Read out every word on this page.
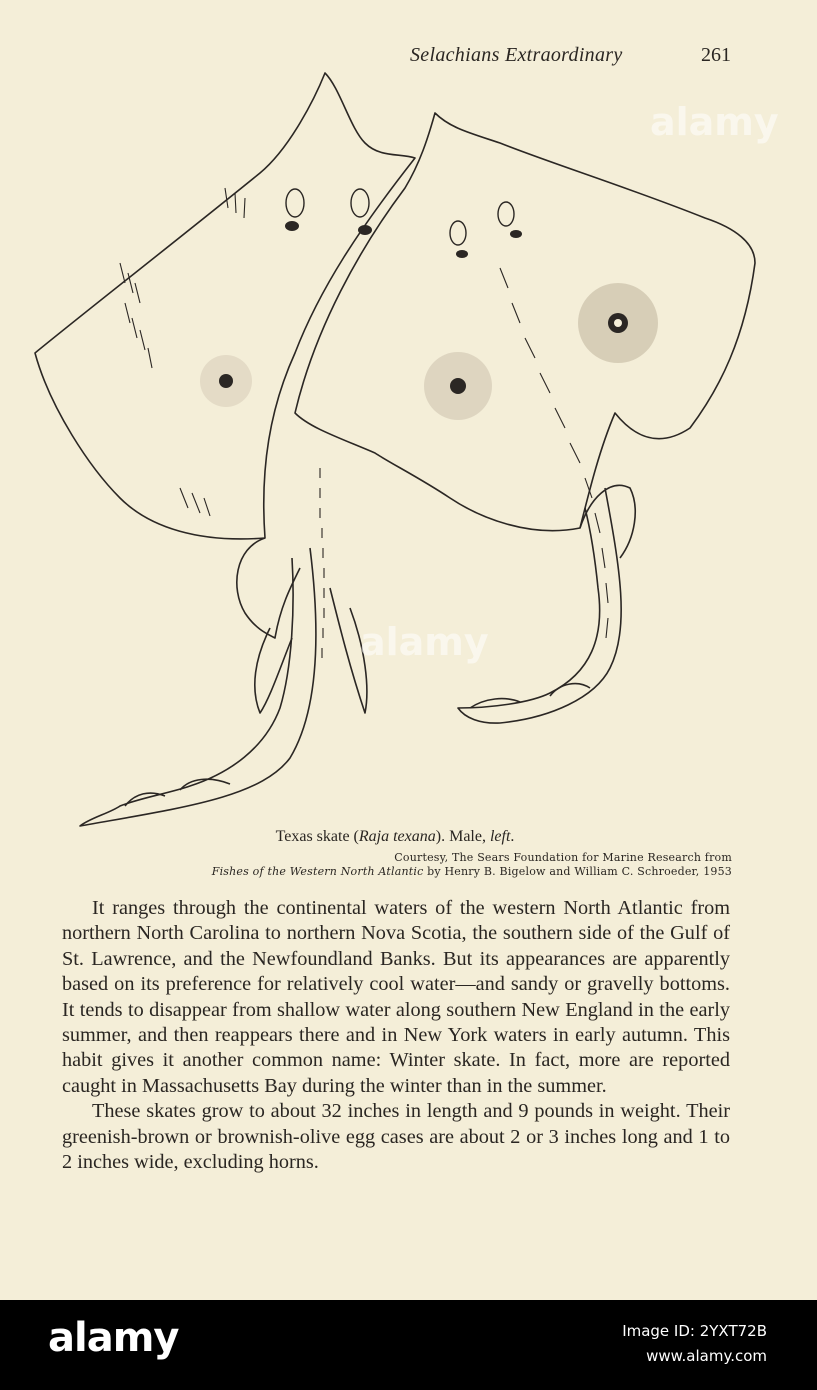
Selachians Extraordinary	261
Texas skate (Raja texana). Male, left.
Courtesy, The Sears Foundation for Marine Research from
Fishes of the Western North Atlantic by Henry B. Bigelow and William C. Schroeder, 1953

It ranges through the continental waters of the western North Atlantic from northern North Carolina to northern Nova Scotia, the southern side of the Gulf of St. Lawrence, and the Newfoundland Banks. But its appearances are apparently based on its preference for relatively cool water—and sandy or gravelly bottoms. It tends to disappear from shallow water along southern New England in the early summer, and then reappears there and in New York waters in early autumn. This habit gives it another common name: Winter skate. In fact, more are reported caught in Massachusetts Bay during the winter than in the summer.

These skates grow to about 32 inches in length and 9 pounds in weight. Their greenish-brown or brownish-olive egg cases are about 2 or 3 inches long and 1 to 2 inches wide, excluding horns.

alamy
alamy
alamy	Image ID: 2YXT72B
www.alamy.com
